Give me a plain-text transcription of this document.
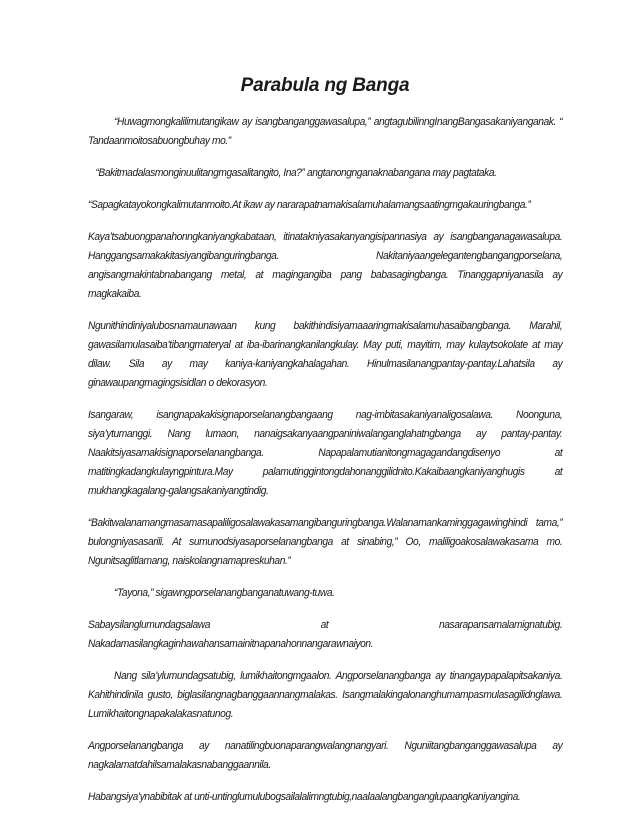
Parabula ng Banga

“Huwagmongkalilimutangikaw ay isangbanganggawasalupa,” angtagubilinngInangBangasakaniyanganak. “ Tandaanmoitosabuongbuhay mo.”

“Bakitmadalasmonginuulitangmgasalitangito, Ina?” angtanongnganaknabangana may pagtataka.

“Sapagkatayokongkalimutanmoito.At ikaw ay nararapatnamakisalamuhalamangsaatingmgakauringbanga.”

Kaya’tsabuongpanahonngkaniyangkabataan, itinatakniyasakanyangisipannasiya ay isangbanganagawasalupa. Hanggangsamakakitasiyangibanguringbanga. Nakitaniyaangelegantengbangangporselana, angisangmakintabnabangang metal, at magingangiba pang babasagingbanga. Tinanggapniyanasila ay magkakaiba.

Ngunithindiniyalubosnamaunawaan kung bakithindisiyamaaaringmakisalamuhasaibangbanga. Marahil, gawasilamulasaiba’tibangmateryal at iba-ibarinangkanilangkulay. May puti, mayitim, may kulaytsokolate at may dilaw. Sila ay may kaniya-kaniyangkahalagahan. Hinulmasilanangpantay-pantay.Lahatsila ay ginawaupangmagingsisidlan o dekorasyon.

Isangaraw, isangnapakakisignaporselanangbangaang nag-imbitasakaniyanaligosalawa. Noonguna, siya’ytumanggi. Nang lumaon, nanaigsakanyaangpaniniwalanganglahatngbanga ay pantay-pantay. Naakitsiyasamakisignaporselanangbanga. Napapalamutianitongmagagandangdisenyo at matitingkadangkulayngpintura.May palamutinggintongdahonanggilidnito.Kakaibaangkaniyanghugis at mukhangkagalang-galangsakaniyangtindig.

“Bakitwalanamangmasamasapaliligosalawakasamangibanguringbanga.Walanamankaminggagawinghindi tama,” bulongniyasasarili. At sumunodsiyasaporselanangbanga at sinabing,” Oo, maliligoakosalawakasama mo. Ngunitsaglitlamang, naiskolangnamapreskuhan.”

“Tayona,” sigawngporselanangbanganatuwang-tuwa.

Sabaysilanglumundagsalawa at nasarapansamalamignatubig. Nakadamasilangkaginhawahansamainitnapanahonnangarawnaiyon.

Nang sila’ylumundagsatubig, lumikhaitongmgaalon. Angporselanangbanga ay tinangaypapalapitsakaniya. Kahithindinila gusto, biglasilangnagbanggaannangmalakas. Isangmalakingalonanghumampasmulasagilidnglawa. Lumikhaitongnapakalakasnatunog.

Angporselanangbanga ay nanatilingbuonaparangwalangnangyari. Nguniitangbanganggawasalupa ay nagkalamatdahilsamalakasnabanggaannila.

Habangsiya’ynabibitak at unti-untinglumulubogsailalalimngtubig,naalaalangbanganglupaangkaniyangina.
